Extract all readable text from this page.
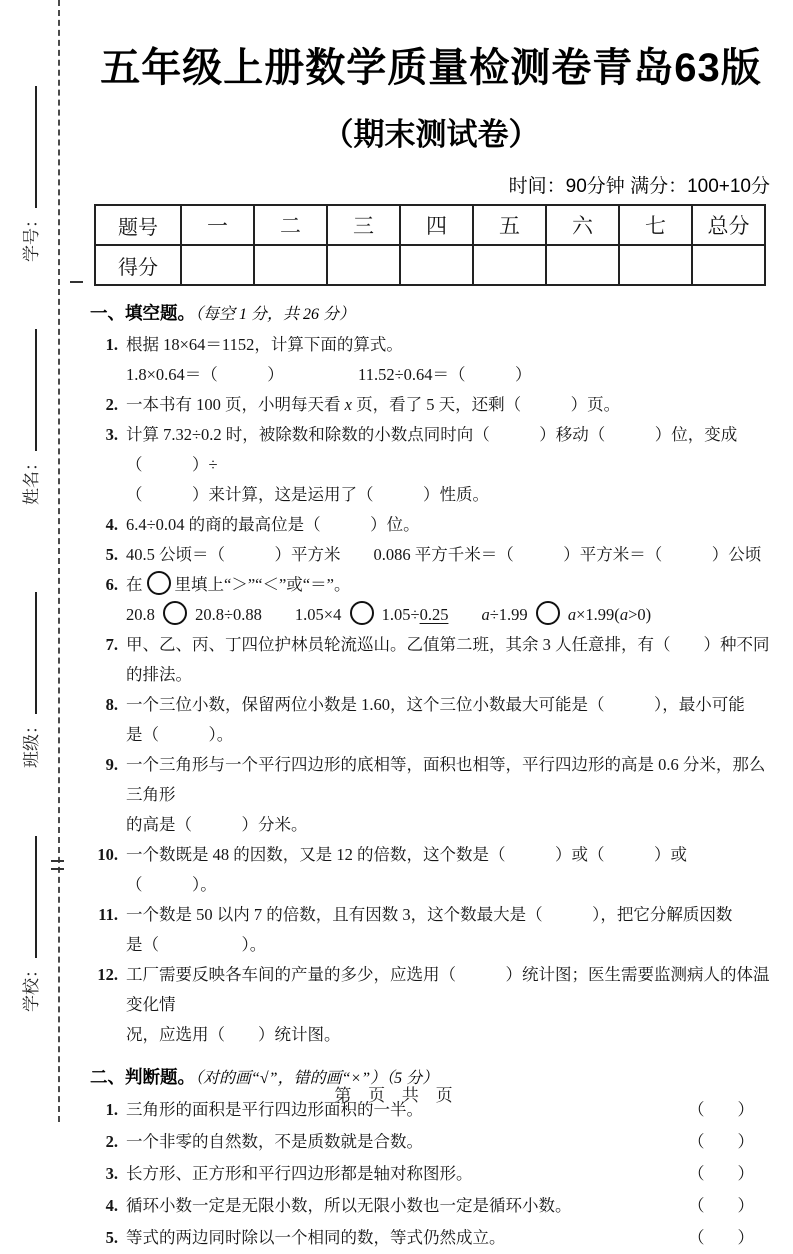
学号：
姓名：
班级：
学校：
五年级上册数学质量检测卷青岛63版
（期末测试卷）
时间：90分钟 满分：100+10分
题号	一	二	三	四	五	六	七	总分
得分								
一、填空题。（每空 1 分，共 26 分）
1. 根据 18×64＝1152，计算下面的算式。
1.8×0.64＝（　　　）　　　　　11.52÷0.64＝（　　　）
2. 一本书有 100 页，小明每天看 x 页，看了 5 天，还剩（　　　）页。
3. 计算 7.32÷0.2 时，被除数和除数的小数点同时向（　　　）移动（　　　）位，变成（　　　）÷
（　　　）来计算，这是运用了（　　　）性质。
4. 6.4÷0.04 的商的最高位是（　　　）位。
5. 40.5 公顷＝（　　　）平方米　　0.086 平方千米＝（　　　）平方米＝（　　　）公顷
6. 在 里填上“＞”“＜”或“＝”。
20.8  20.8÷0.88　　1.05×4  1.05÷0.25　　 a÷1.99  a×1.99(a>0)
7. 甲、乙、丙、丁四位护林员轮流巡山。乙值第二班，其余 3 人任意排，有（　　）种不同的排法。
8. 一个三位小数，保留两位小数是 1.60，这个三位小数最大可能是（　　　），最小可能
是（　　　）。
9. 一个三角形与一个平行四边形的底相等，面积也相等，平行四边形的高是 0.6 分米，那么三角形
的高是（　　　）分米。
10. 一个数既是 48 的因数，又是 12 的倍数，这个数是（　　　）或（　　　）或（　　　）。
11. 一个数是 50 以内 7 的倍数，且有因数 3，这个数最大是（　　　），把它分解质因数
是（　　　　　）。
12. 工厂需要反映各车间的产量的多少，应选用（　　　）统计图；医生需要监测病人的体温变化情
况，应选用（　　）统计图。
二、判断题。（对的画“√”，错的画“×”）（5 分）
1. 三角形的面积是平行四边形面积的一半。	（　　）
2. 一个非零的自然数，不是质数就是合数。	（　　）
3. 长方形、正方形和平行四边形都是轴对称图形。	（　　）
4. 循环小数一定是无限小数，所以无限小数也一定是循环小数。	（　　）
5. 等式的两边同时除以一个相同的数，等式仍然成立。	（　　）
第 页 共 页
